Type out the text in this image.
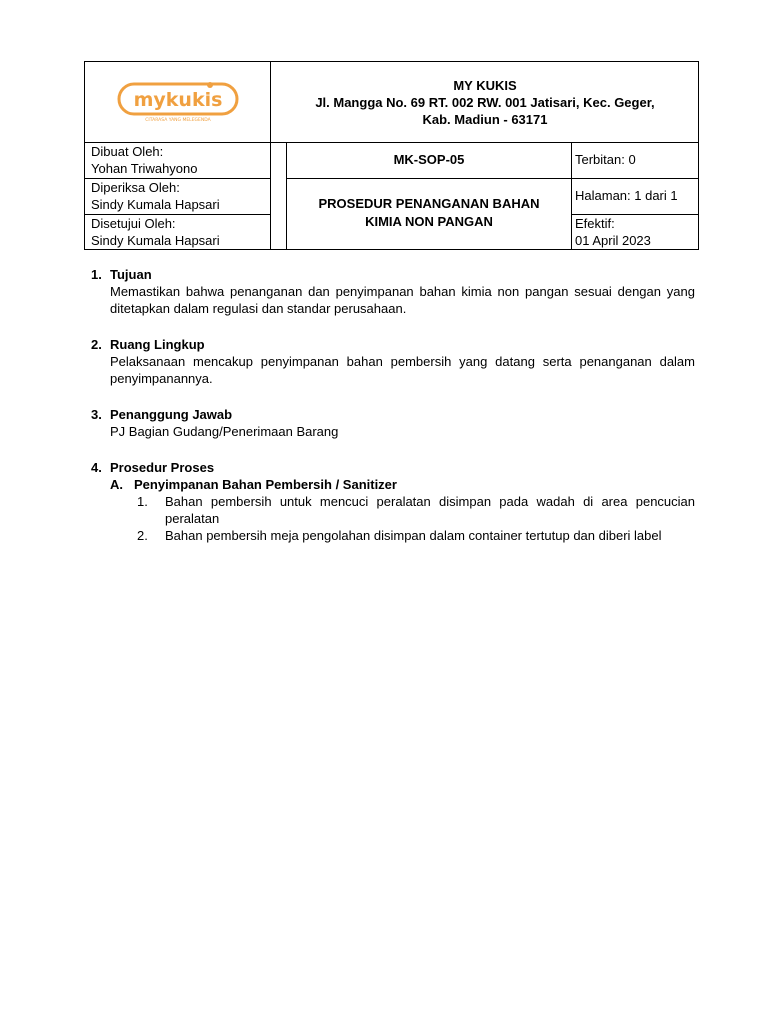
mykukis
CITARASA YANG MELEGENDA
MY KUKIS
Jl. Mangga No. 69 RT. 002 RW. 001 Jatisari, Kec. Geger,
Kab. Madiun - 63171
Dibuat Oleh:
Yohan Triwahyono
Diperiksa Oleh:
Sindy Kumala Hapsari
Disetujui Oleh:
Sindy Kumala Hapsari
MK-SOP-05
PROSEDUR PENANGANAN BAHAN
KIMIA NON PANGAN
Terbitan: 0
Halaman: 1 dari 1
Efektif:
01 April 2023
1. Tujuan
Memastikan bahwa penanganan dan penyimpanan bahan kimia non pangan sesuai dengan yang ditetapkan dalam regulasi dan standar perusahaan.
2. Ruang Lingkup
Pelaksanaan mencakup penyimpanan bahan pembersih yang datang serta penanganan dalam penyimpanannya.
3. Penanggung Jawab
PJ Bagian Gudang/Penerimaan Barang
4. Prosedur Proses
A. Penyimpanan Bahan Pembersih / Sanitizer
1.	Bahan pembersih untuk mencuci peralatan disimpan pada wadah di area pencucian peralatan
2.	Bahan pembersih meja pengolahan disimpan dalam container tertutup dan diberi label
